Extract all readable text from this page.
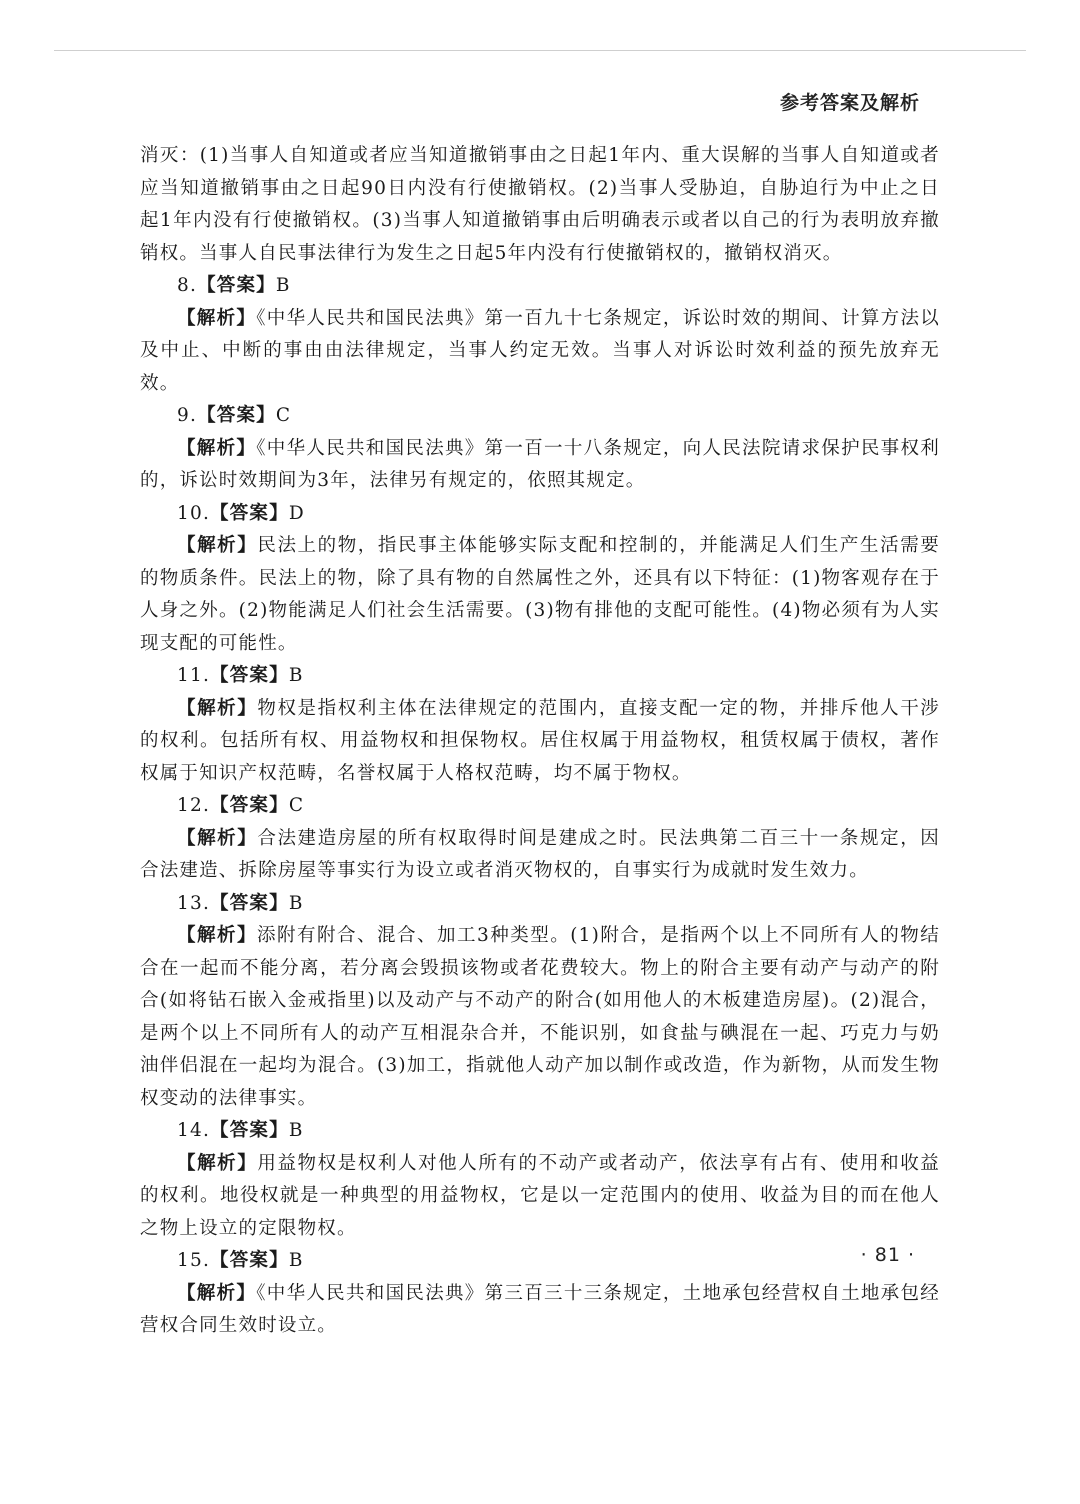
参考答案及解析

消灭：(1)当事人自知道或者应当知道撤销事由之日起1年内、重大误解的当事人自知道或者应当知道撤销事由之日起90日内没有行使撤销权。(2)当事人受胁迫，自胁迫行为中止之日起1年内没有行使撤销权。(3)当事人知道撤销事由后明确表示或者以自己的行为表明放弃撤销权。当事人自民事法律行为发生之日起5年内没有行使撤销权的，撤销权消灭。

8.【答案】B

【解析】《中华人民共和国民法典》第一百九十七条规定，诉讼时效的期间、计算方法以及中止、中断的事由由法律规定，当事人约定无效。当事人对诉讼时效利益的预先放弃无效。

9.【答案】C

【解析】《中华人民共和国民法典》第一百一十八条规定，向人民法院请求保护民事权利的，诉讼时效期间为3年，法律另有规定的，依照其规定。

10.【答案】D

【解析】民法上的物，指民事主体能够实际支配和控制的，并能满足人们生产生活需要的物质条件。民法上的物，除了具有物的自然属性之外，还具有以下特征：(1)物客观存在于人身之外。(2)物能满足人们社会生活需要。(3)物有排他的支配可能性。(4)物必须有为人实现支配的可能性。

11.【答案】B

【解析】物权是指权利主体在法律规定的范围内，直接支配一定的物，并排斥他人干涉的权利。包括所有权、用益物权和担保物权。居住权属于用益物权，租赁权属于债权，著作权属于知识产权范畴，名誉权属于人格权范畴，均不属于物权。

12.【答案】C

【解析】合法建造房屋的所有权取得时间是建成之时。民法典第二百三十一条规定，因合法建造、拆除房屋等事实行为设立或者消灭物权的，自事实行为成就时发生效力。

13.【答案】B

【解析】添附有附合、混合、加工3种类型。(1)附合，是指两个以上不同所有人的物结合在一起而不能分离，若分离会毁损该物或者花费较大。物上的附合主要有动产与动产的附合(如将钻石嵌入金戒指里)以及动产与不动产的附合(如用他人的木板建造房屋)。(2)混合，是两个以上不同所有人的动产互相混杂合并，不能识别，如食盐与碘混在一起、巧克力与奶油伴侣混在一起均为混合。(3)加工，指就他人动产加以制作或改造，作为新物，从而发生物权变动的法律事实。

14.【答案】B

【解析】用益物权是权利人对他人所有的不动产或者动产，依法享有占有、使用和收益的权利。地役权就是一种典型的用益物权，它是以一定范围内的使用、收益为目的而在他人之物上设立的定限物权。

15.【答案】B

【解析】《中华人民共和国民法典》第三百三十三条规定，土地承包经营权自土地承包经营权合同生效时设立。

· 81 ·
